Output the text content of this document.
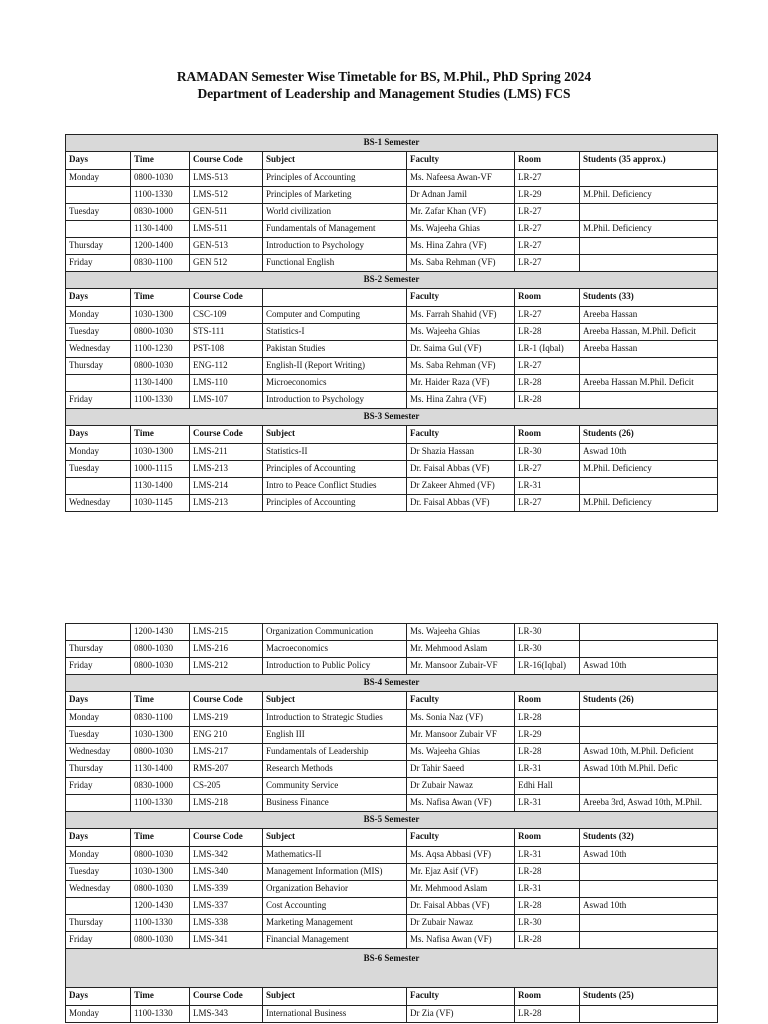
RAMADAN Semester Wise Timetable for BS, M.Phil., PhD Spring 2024
Department of Leadership and Management Studies (LMS) FCS
BS-1 Semester						
Days	Time	Course Code	Subject	Faculty	Room	Students (35 approx.)
Monday	0800-1030	LMS-513	Principles of Accounting	Ms. Nafeesa Awan-VF	LR-27	
	1100-1330	LMS-512	Principles of Marketing	Dr Adnan Jamil	LR-29	M.Phil. Deficiency
Tuesday	0830-1000	GEN-511	World civilization	Mr. Zafar Khan (VF)	LR-27	
	1130-1400	LMS-511	Fundamentals of Management	Ms. Wajeeha Ghias	LR-27	M.Phil. Deficiency
Thursday	1200-1400	GEN-513	Introduction to Psychology	Ms. Hina Zahra (VF)	LR-27	
Friday	0830-1100	GEN 512	Functional English	Ms. Saba Rehman (VF)	LR-27	
BS-2 Semester						
Days	Time	Course Code		Faculty	Room	Students (33)
Monday	1030-1300	CSC-109	Computer and Computing	Ms. Farrah Shahid (VF)	LR-27	Areeba Hassan
Tuesday	0800-1030	STS-111	Statistics-I	Ms. Wajeeha Ghias	LR-28	Areeba Hassan, M.Phil. Deficit
Wednesday	1100-1230	PST-108	Pakistan Studies	Dr. Saima Gul (VF)	LR-1 (Iqbal)	Areeba Hassan
Thursday	0800-1030	ENG-112	English-II (Report Writing)	Ms. Saba Rehman (VF)	LR-27	
	1130-1400	LMS-110	Microeconomics	Mr. Haider Raza (VF)	LR-28	Areeba Hassan M.Phil. Deficit
Friday	1100-1330	LMS-107	Introduction to Psychology	Ms. Hina Zahra (VF)	LR-28	
BS-3 Semester						
Days	Time	Course Code	Subject	Faculty	Room	Students (26)
Monday	1030-1300	LMS-211	Statistics-II	Dr Shazia Hassan	LR-30	Aswad 10th
Tuesday	1000-1115	LMS-213	Principles of Accounting	Dr. Faisal Abbas (VF)	LR-27	M.Phil. Deficiency
	1130-1400	LMS-214	Intro to Peace Conflict Studies	Dr Zakeer Ahmed (VF)	LR-31	
Wednesday	1030-1145	LMS-213	Principles of Accounting	Dr. Faisal Abbas (VF)	LR-27	M.Phil. Deficiency
	1200-1430	LMS-215	Organization Communication	Ms. Wajeeha Ghias	LR-30	
Thursday	0800-1030	LMS-216	Macroeconomics	Mr. Mehmood Aslam	LR-30	
Friday	0800-1030	LMS-212	Introduction to Public Policy	Mr. Mansoor Zubair-VF	LR-16(Iqbal)	Aswad 10th
BS-4 Semester						
Days	Time	Course Code	Subject	Faculty	Room	Students (26)
Monday	0830-1100	LMS-219	Introduction to Strategic Studies	Ms. Sonia Naz (VF)	LR-28	
Tuesday	1030-1300	ENG 210	English III	Mr. Mansoor Zubair VF	LR-29	
Wednesday	0800-1030	LMS-217	Fundamentals of Leadership	Ms. Wajeeha Ghias	LR-28	Aswad 10th, M.Phil. Deficient
Thursday	1130-1400	RMS-207	Research Methods	Dr Tahir Saeed	LR-31	Aswad 10th M.Phil. Defic
Friday	0830-1000	CS-205	Community Service	Dr Zubair Nawaz	Edhi Hall	
	1100-1330	LMS-218	Business Finance	Ms. Nafisa Awan (VF)	LR-31	Areeba 3rd, Aswad 10th, M.Phil.
BS-5 Semester						
Days	Time	Course Code	Subject	Faculty	Room	Students (32)
Monday	0800-1030	LMS-342	Mathematics-II	Ms. Aqsa Abbasi (VF)	LR-31	Aswad 10th
Tuesday	1030-1300	LMS-340	Management Information (MIS)	Mr. Ejaz Asif (VF)	LR-28	
Wednesday	0800-1030	LMS-339	Organization Behavior	Mr. Mehmood Aslam	LR-31	
	1200-1430	LMS-337	Cost Accounting	Dr. Faisal Abbas (VF)	LR-28	Aswad 10th
Thursday	1100-1330	LMS-338	Marketing Management	Dr Zubair Nawaz	LR-30	
Friday	0800-1030	LMS-341	Financial Management	Ms. Nafisa Awan (VF)	LR-28	
BS-6 Semester						
Days	Time	Course Code	Subject	Faculty	Room	Students (25)
Monday	1100-1330	LMS-343	International Business	Dr Zia (VF)	LR-28	
